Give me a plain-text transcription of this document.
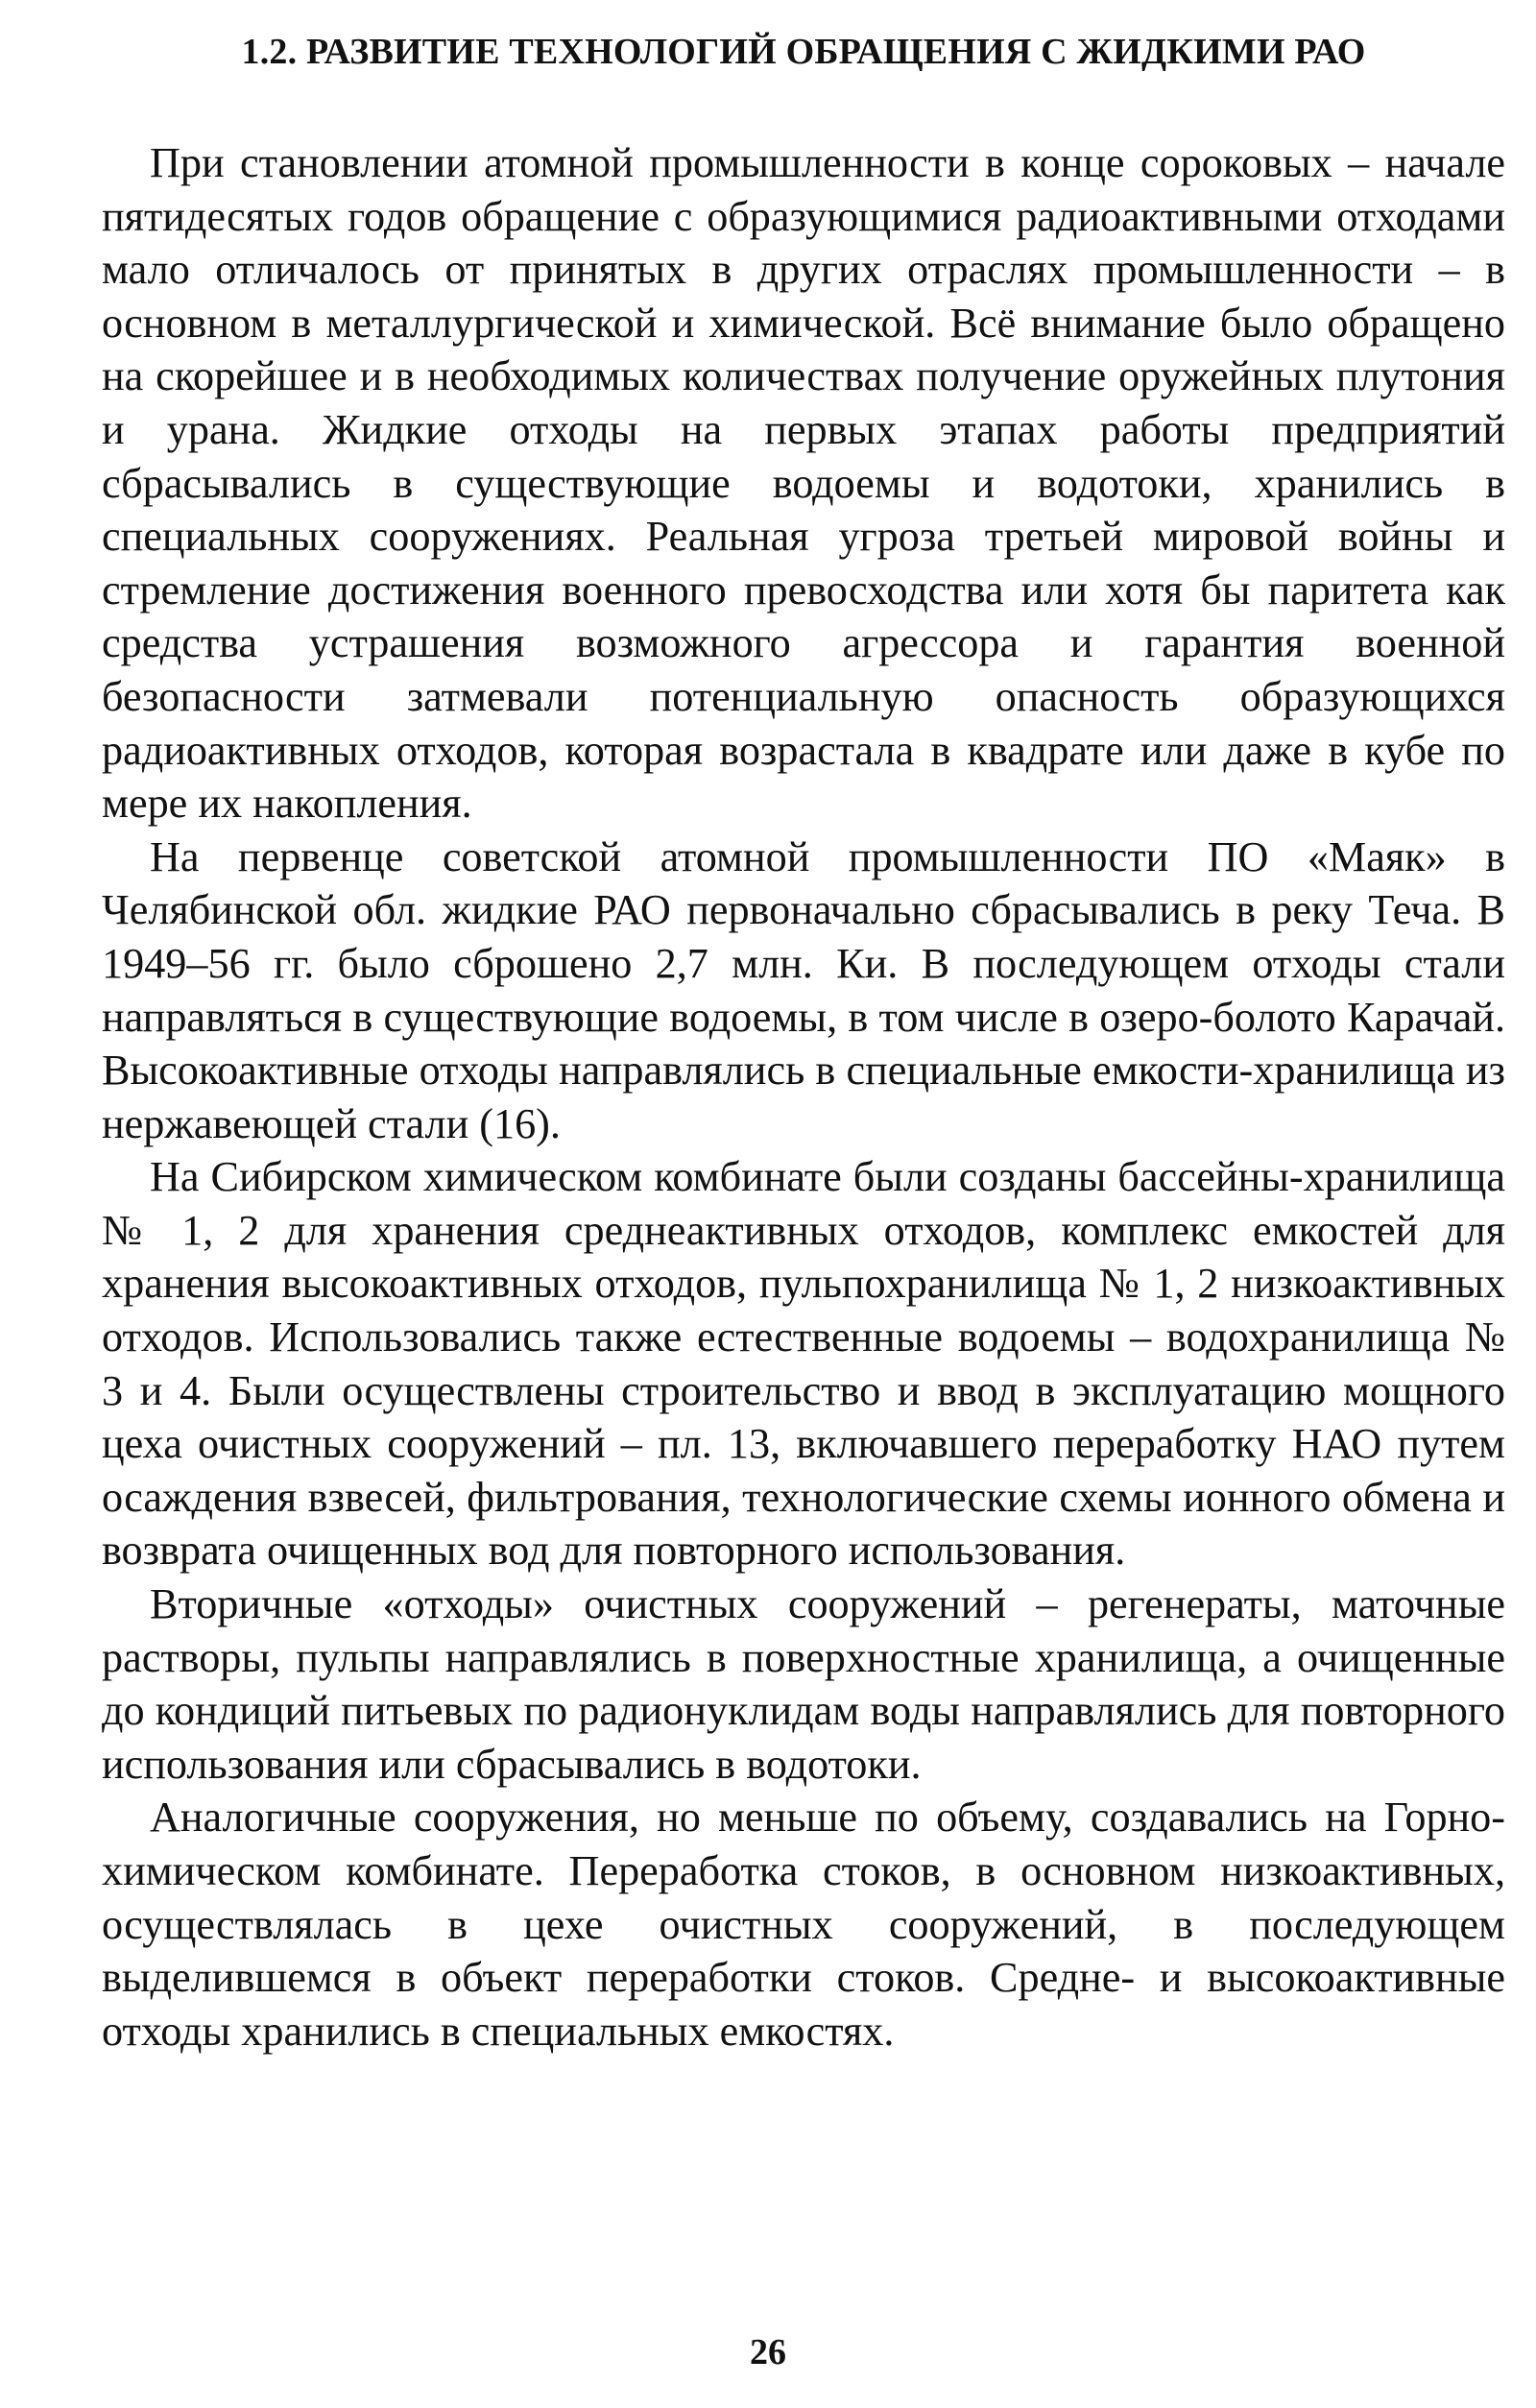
1.2. РАЗВИТИЕ ТЕХНОЛОГИЙ ОБРАЩЕНИЯ С ЖИДКИМИ РАО

При становлении атомной промышленности в конце сороковых – начале пятидесятых годов обращение с образующимися радиоактивными отходами мало отличалось от принятых в других отраслях промышленности – в основном в металлургической и химической. Всё внимание было обращено на скорейшее и в необходимых количествах получение оружейных плутония и урана. Жидкие отходы на первых этапах работы предприятий сбрасывались в существующие водоемы и водотоки, хранились в специальных сооружениях. Реальная угроза третьей мировой войны и стремление достижения военного превосходства или хотя бы паритета как средства устрашения возможного агрессора и гарантия военной безопасности затмевали потенциальную опасность образующихся радиоактивных отходов, которая возрастала в квадрате или даже в кубе по мере их накопления.

На первенце советской атомной промышленности ПО «Маяк» в Челябинской обл. жидкие РАО первоначально сбрасывались в реку Теча. В 1949–56 гг. было сброшено 2,7 млн. Ки. В последующем отходы стали направляться в существующие водоемы, в том числе в озеро-болото Карачай. Высокоактивные отходы направлялись в специальные емкости-хранилища из нержавеющей стали (16).

На Сибирском химическом комбинате были созданы бассейны-хранилища № 1, 2 для хранения среднеактивных отходов, комплекс емкостей для хранения высокоактивных отходов, пульпохранилища № 1, 2 низкоактивных отходов. Использовались также естественные водоемы – водохранилища № 3 и 4. Были осуществлены строительство и ввод в эксплуатацию мощного цеха очистных сооружений – пл. 13, включавшего переработку НАО путем осаждения взвесей, фильтрования, технологические схемы ионного обмена и возврата очищенных вод для повторного использования.

Вторичные «отходы» очистных сооружений – регенераты, маточные растворы, пульпы направлялись в поверхностные хранилища, а очищенные до кондиций питьевых по радионуклидам воды направлялись для повторного использования или сбрасывались в водотоки.

Аналогичные сооружения, но меньше по объему, создавались на Горно-химическом комбинате. Переработка стоков, в основном низкоактивных, осуществлялась в цехе очистных сооружений, в последующем выделившемся в объект переработки стоков. Средне- и высокоактивные отходы хранились в специальных емкостях.

26
